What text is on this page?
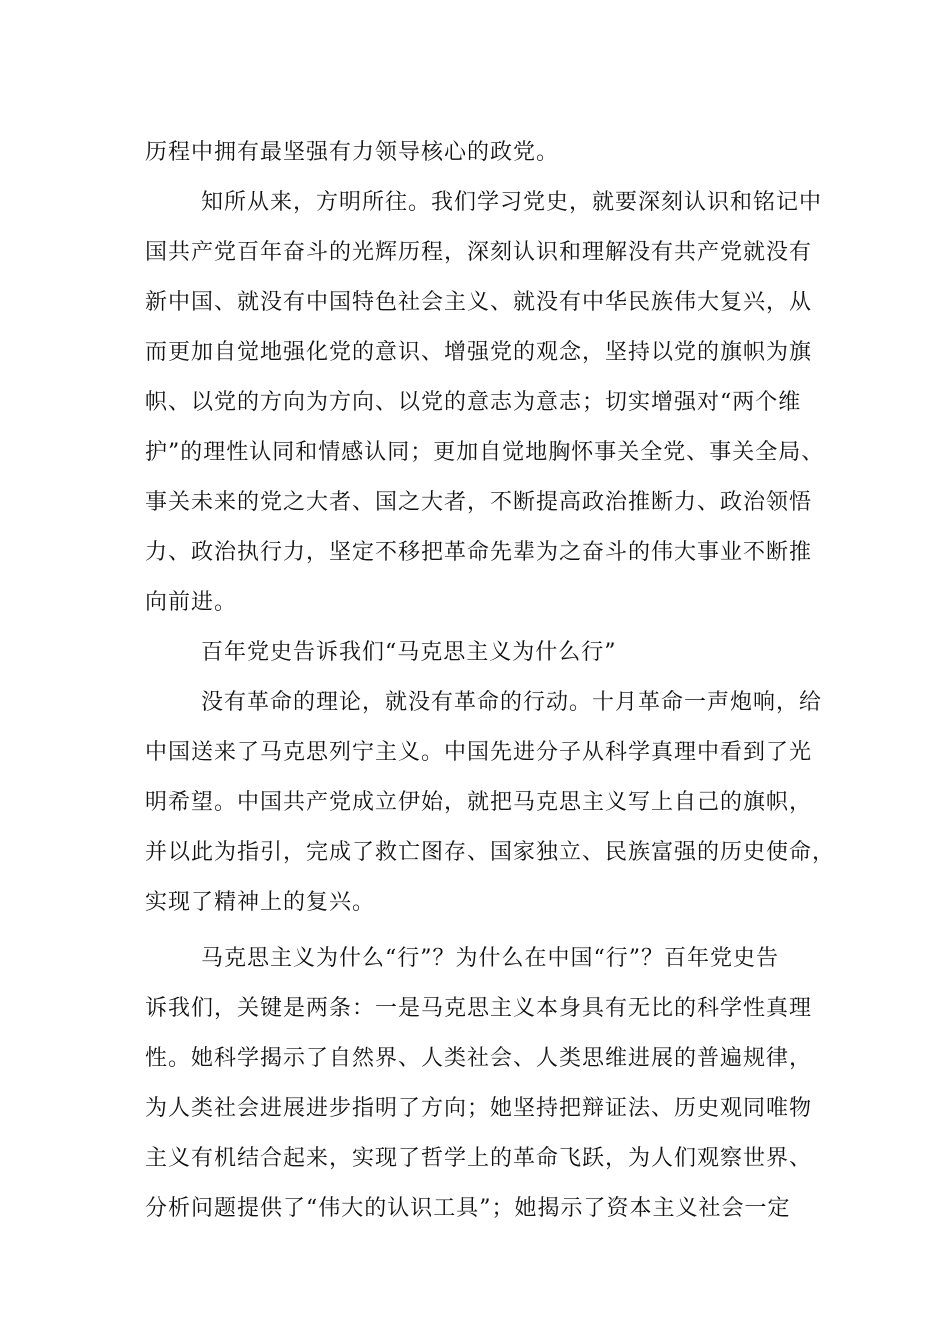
历程中拥有最坚强有力领导核心的政党。
知所从来，方明所往。我们学习党史，就要深刻认识和铭记中
国共产党百年奋斗的光辉历程，深刻认识和理解没有共产党就没有
新中国、就没有中国特色社会主义、就没有中华民族伟大复兴，从
而更加自觉地强化党的意识、增强党的观念，坚持以党的旗帜为旗
帜、以党的方向为方向、以党的意志为意志；切实增强对“两个维
护”的理性认同和情感认同；更加自觉地胸怀事关全党、事关全局、
事关未来的党之大者、国之大者，不断提高政治推断力、政治领悟
力、政治执行力，坚定不移把革命先辈为之奋斗的伟大事业不断推
向前进。
百年党史告诉我们“马克思主义为什么行”
没有革命的理论，就没有革命的行动。十月革命一声炮响，给
中国送来了马克思列宁主义。中国先进分子从科学真理中看到了光
明希望。中国共产党成立伊始，就把马克思主义写上自己的旗帜，
并以此为指引，完成了救亡图存、国家独立、民族富强的历史使命，
实现了精神上的复兴。
马克思主义为什么“行”？为什么在中国“行”？百年党史告
诉我们，关键是两条：一是马克思主义本身具有无比的科学性真理
性。她科学揭示了自然界、人类社会、人类思维进展的普遍规律，
为人类社会进展进步指明了方向；她坚持把辩证法、历史观同唯物
主义有机结合起来，实现了哲学上的革命飞跃，为人们观察世界、
分析问题提供了“伟大的认识工具”；她揭示了资本主义社会一定
